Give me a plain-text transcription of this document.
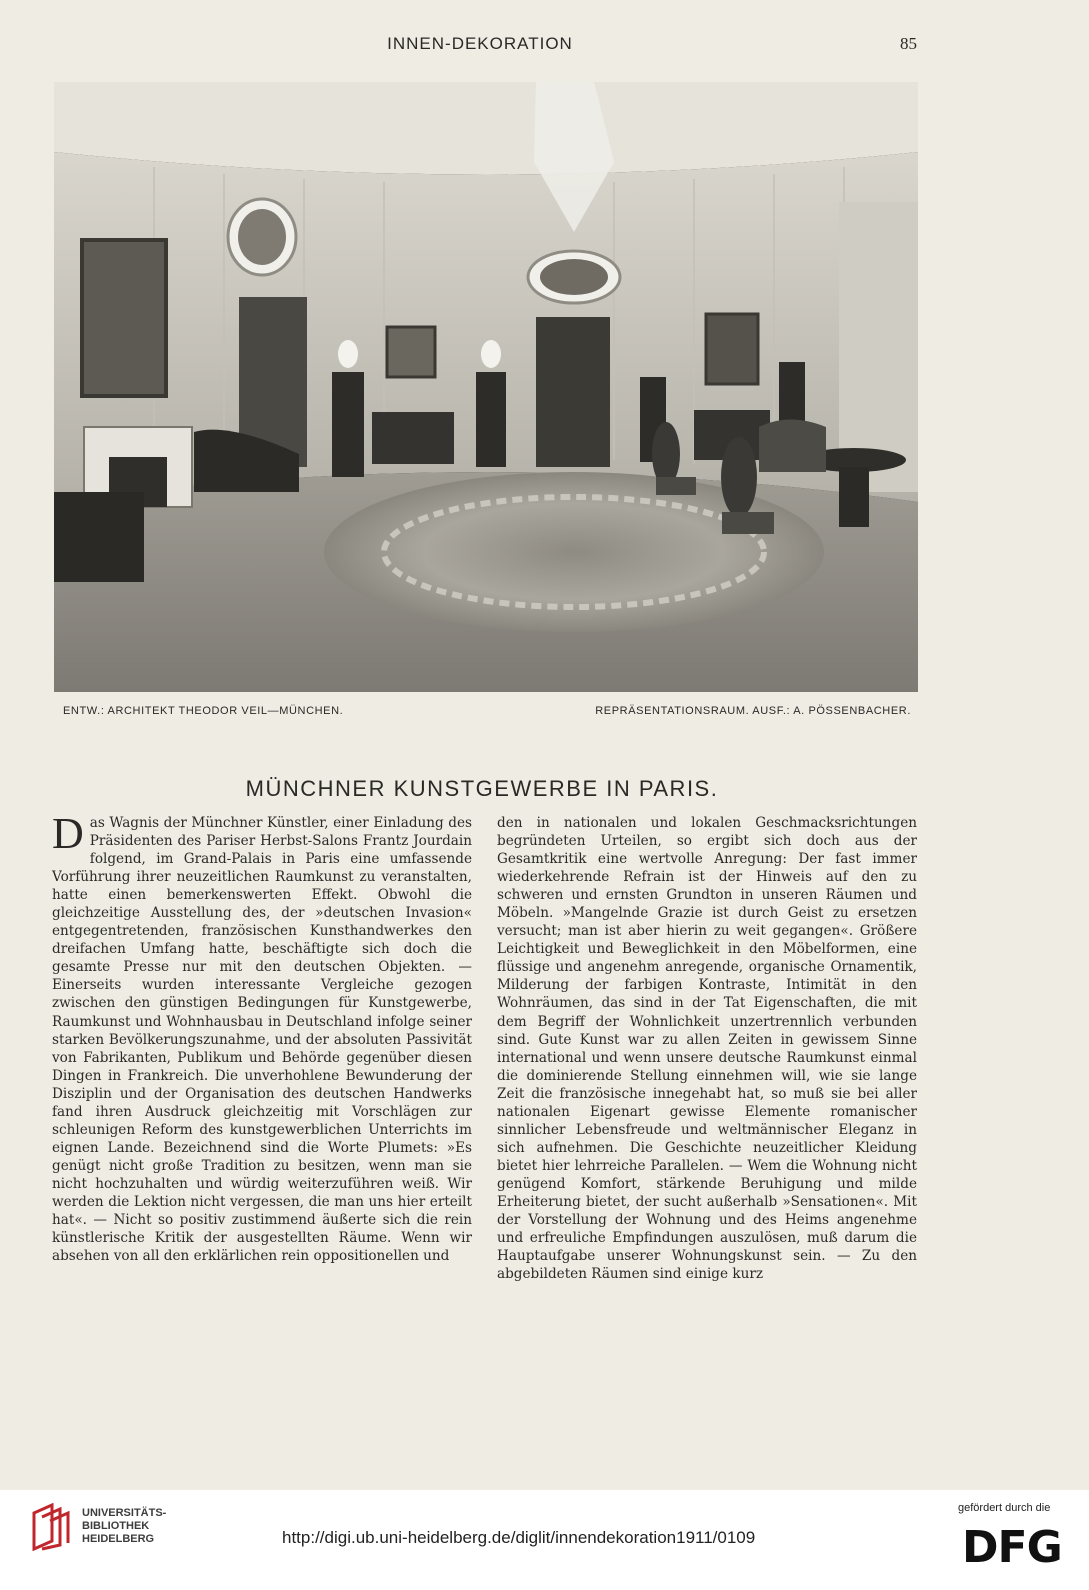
INNEN-DEKORATION	85
ENTW.: ARCHITEKT THEODOR VEIL—MÜNCHEN.	REPRÄSENTATIONSRAUM. AUSF.: A. PÖSSENBACHER.
MÜNCHNER KUNSTGEWERBE IN PARIS.

Das Wagnis der Münchner Künstler, einer Einladung des Präsidenten des Pariser Herbst-Salons Frantz Jourdain folgend, im Grand-Palais in Paris eine umfassende Vorführung ihrer neuzeitlichen Raumkunst zu veranstalten, hatte einen bemerkenswerten Effekt. Obwohl die gleichzeitige Ausstellung des, der »deutschen Invasion« entgegentretenden, französischen Kunsthandwerkes den dreifachen Umfang hatte, beschäftigte sich doch die gesamte Presse nur mit den deutschen Objekten. — Einerseits wurden interessante Vergleiche gezogen zwischen den günstigen Bedingungen für Kunstgewerbe, Raumkunst und Wohnhausbau in Deutschland infolge seiner starken Bevölkerungszunahme, und der absoluten Passivität von Fabrikanten, Publikum und Behörde gegenüber diesen Dingen in Frankreich. Die unverhohlene Bewunderung der Disziplin und der Organisation des deutschen Handwerks fand ihren Ausdruck gleichzeitig mit Vorschlägen zur schleunigen Reform des kunstgewerblichen Unterrichts im eignen Lande. Bezeichnend sind die Worte Plumets: »Es genügt nicht große Tradition zu besitzen, wenn man sie nicht hochzuhalten und würdig weiterzuführen weiß. Wir werden die Lektion nicht vergessen, die man uns hier erteilt hat«. — Nicht so positiv zustimmend äußerte sich die rein künstlerische Kritik der ausgestellten Räume. Wenn wir absehen von all den erklärlichen rein oppositionellen und

den in nationalen und lokalen Geschmacksrichtungen begründeten Urteilen, so ergibt sich doch aus der Gesamtkritik eine wertvolle Anregung: Der fast immer wiederkehrende Refrain ist der Hinweis auf den zu schweren und ernsten Grundton in unseren Räumen und Möbeln. »Mangelnde Grazie ist durch Geist zu ersetzen versucht; man ist aber hierin zu weit gegangen«. Größere Leichtigkeit und Beweglichkeit in den Möbelformen, eine flüssige und angenehm anregende, organische Ornamentik, Milderung der farbigen Kontraste, Intimität in den Wohnräumen, das sind in der Tat Eigenschaften, die mit dem Begriff der Wohnlichkeit unzertrennlich verbunden sind. Gute Kunst war zu allen Zeiten in gewissem Sinne international und wenn unsere deutsche Raumkunst einmal die dominierende Stellung einnehmen will, wie sie lange Zeit die französische innegehabt hat, so muß sie bei aller nationalen Eigenart gewisse Elemente romanischer sinnlicher Lebensfreude und weltmännischer Eleganz in sich aufnehmen. Die Geschichte neuzeitlicher Kleidung bietet hier lehrreiche Parallelen. — Wem die Wohnung nicht genügend Komfort, stärkende Beruhigung und milde Erheiterung bietet, der sucht außerhalb »Sensationen«. Mit der Vorstellung der Wohnung und des Heims angenehme und erfreuliche Empfindungen auszulösen, muß darum die Hauptaufgabe unserer Wohnungskunst sein. — Zu den abgebildeten Räumen sind einige kurz

UNIVERSITÄTS-
BIBLIOTHEK
HEIDELBERG	http://digi.ub.uni-heidelberg.de/diglit/innendekoration1911/0109
gefördert durch die
DFG
